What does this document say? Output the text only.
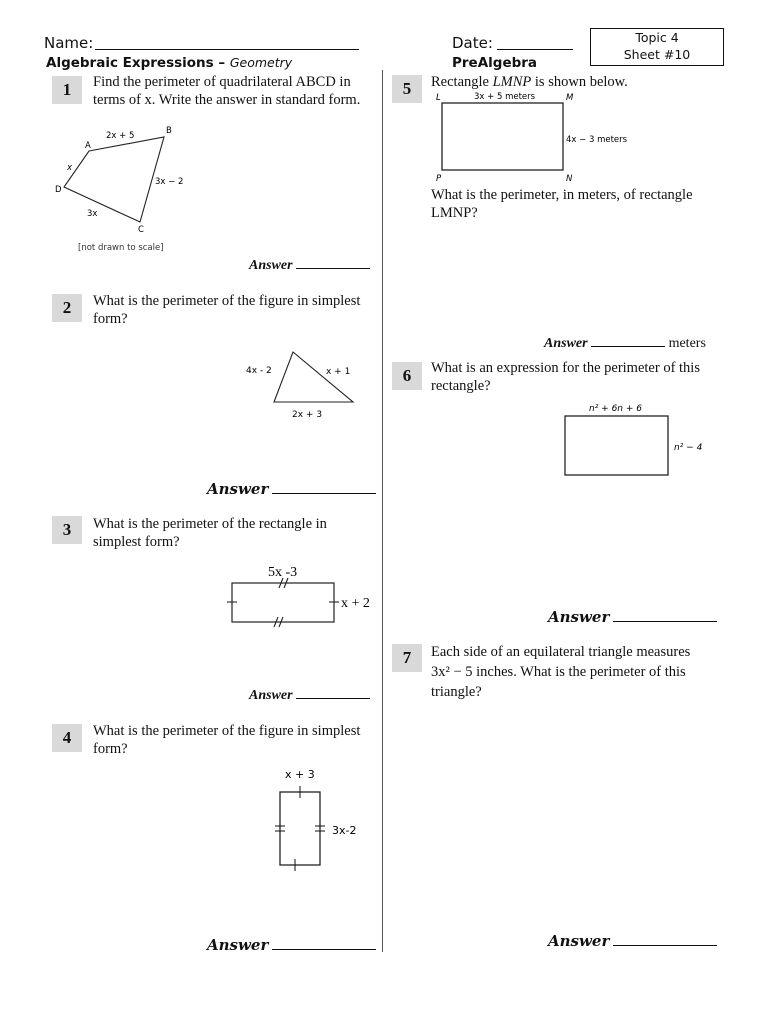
Name:	Date:	Topic 4
Sheet #10
Algebraic Expressions – Geometry	PreAlgebra
1	Find the perimeter of quadrilateral ABCD in terms of x. Write the answer in standard form.
A
B
C
D
2x + 5
3x − 2
3x
x
[not drawn to scale]
Answer
2	What is the perimeter of the figure in simplest form?
4x - 2	x + 1
2x + 3
Answer
3	What is the perimeter of the rectangle in simplest form?
5x -3
x + 2
Answer
4	What is the perimeter of the figure in simplest form?
x + 3
3x-2
Answer
5	Rectangle LMNP is shown below.
L	M
N
P
3x + 5 meters
4x − 3 meters
What is the perimeter, in meters, of rectangle LMNP?
Answer	meters
6	What is an expression for the perimeter of this rectangle?
n² + 6n + 6
n² − 4
Answer
7	Each side of an equilateral triangle measures
3x² − 5 inches. What is the perimeter of this triangle?
Answer
